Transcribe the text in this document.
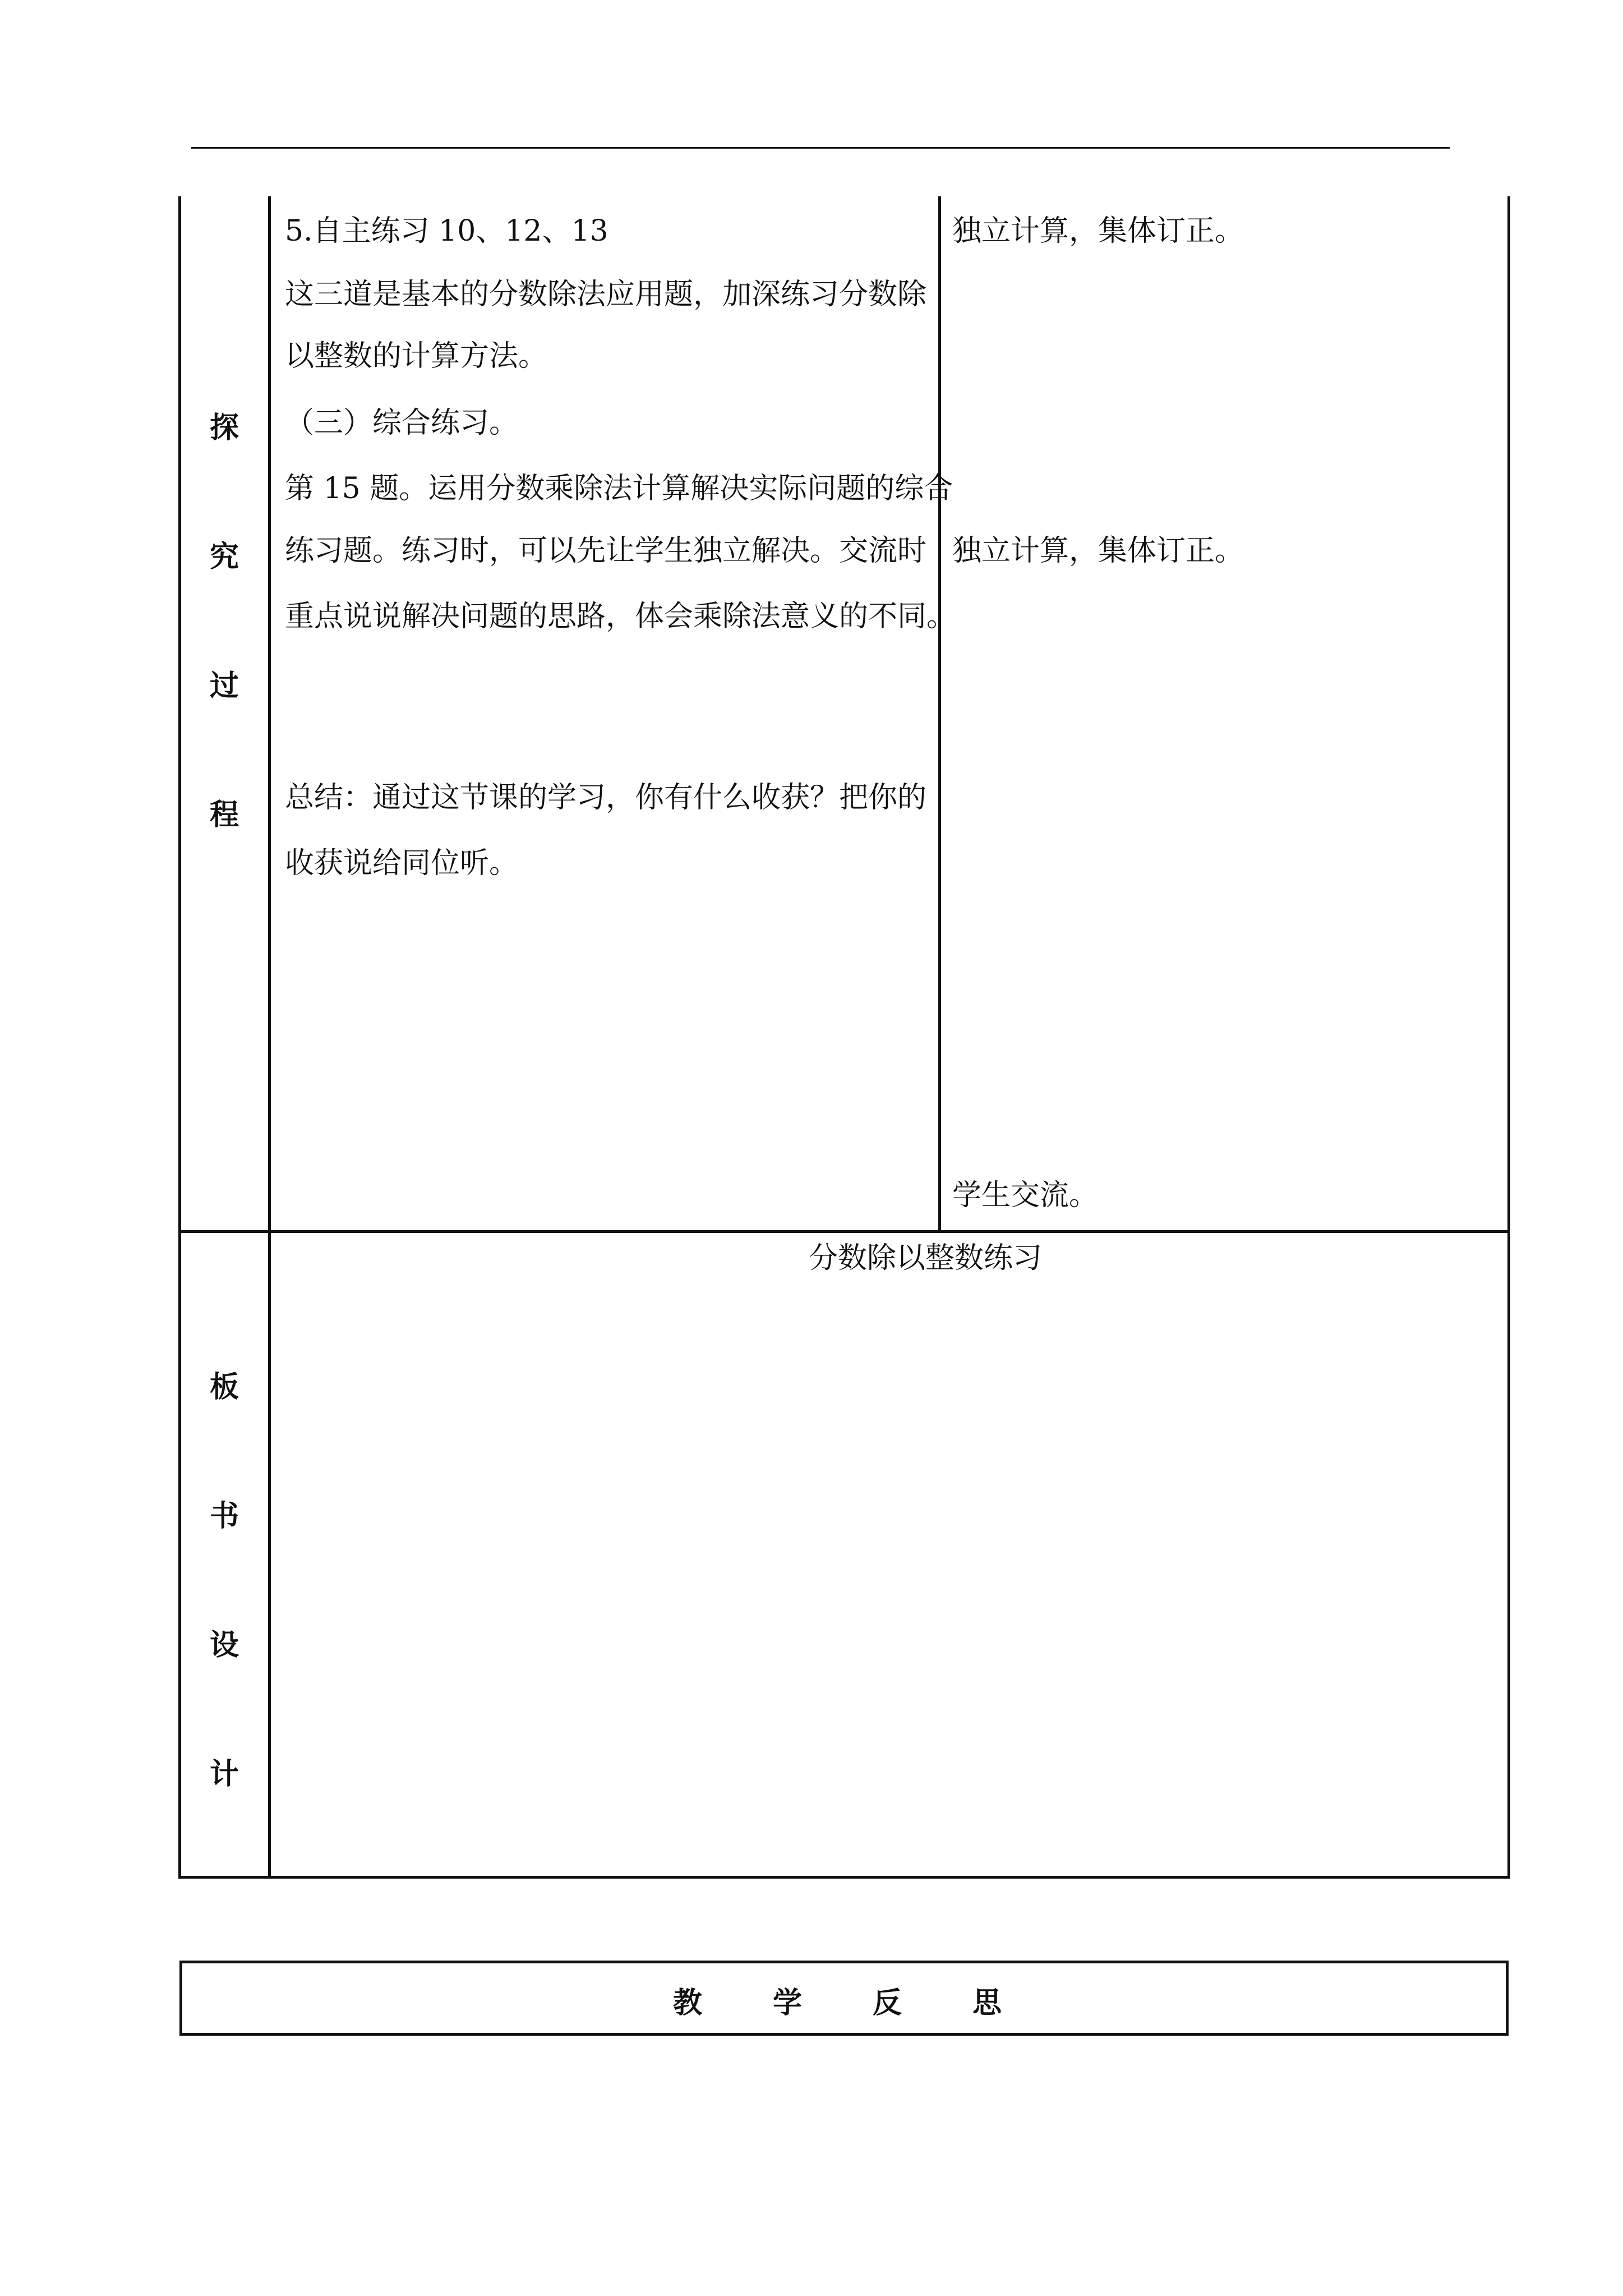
探
究
过
程
5.自主练习 10、12、13
这三道是基本的分数除法应用题，加深练习分数除
以整数的计算方法。
（三）综合练习。
第 15 题。运用分数乘除法计算解决实际问题的综合
练习题。练习时，可以先让学生独立解决。交流时
重点说说解决问题的思路，体会乘除法意义的不同。
总结：通过这节课的学习，你有什么收获？把你的
收获说给同位听。
独立计算，集体订正。
独立计算，集体订正。
学生交流。
板
书
设
计
分数除以整数练习
教 学 反 思
